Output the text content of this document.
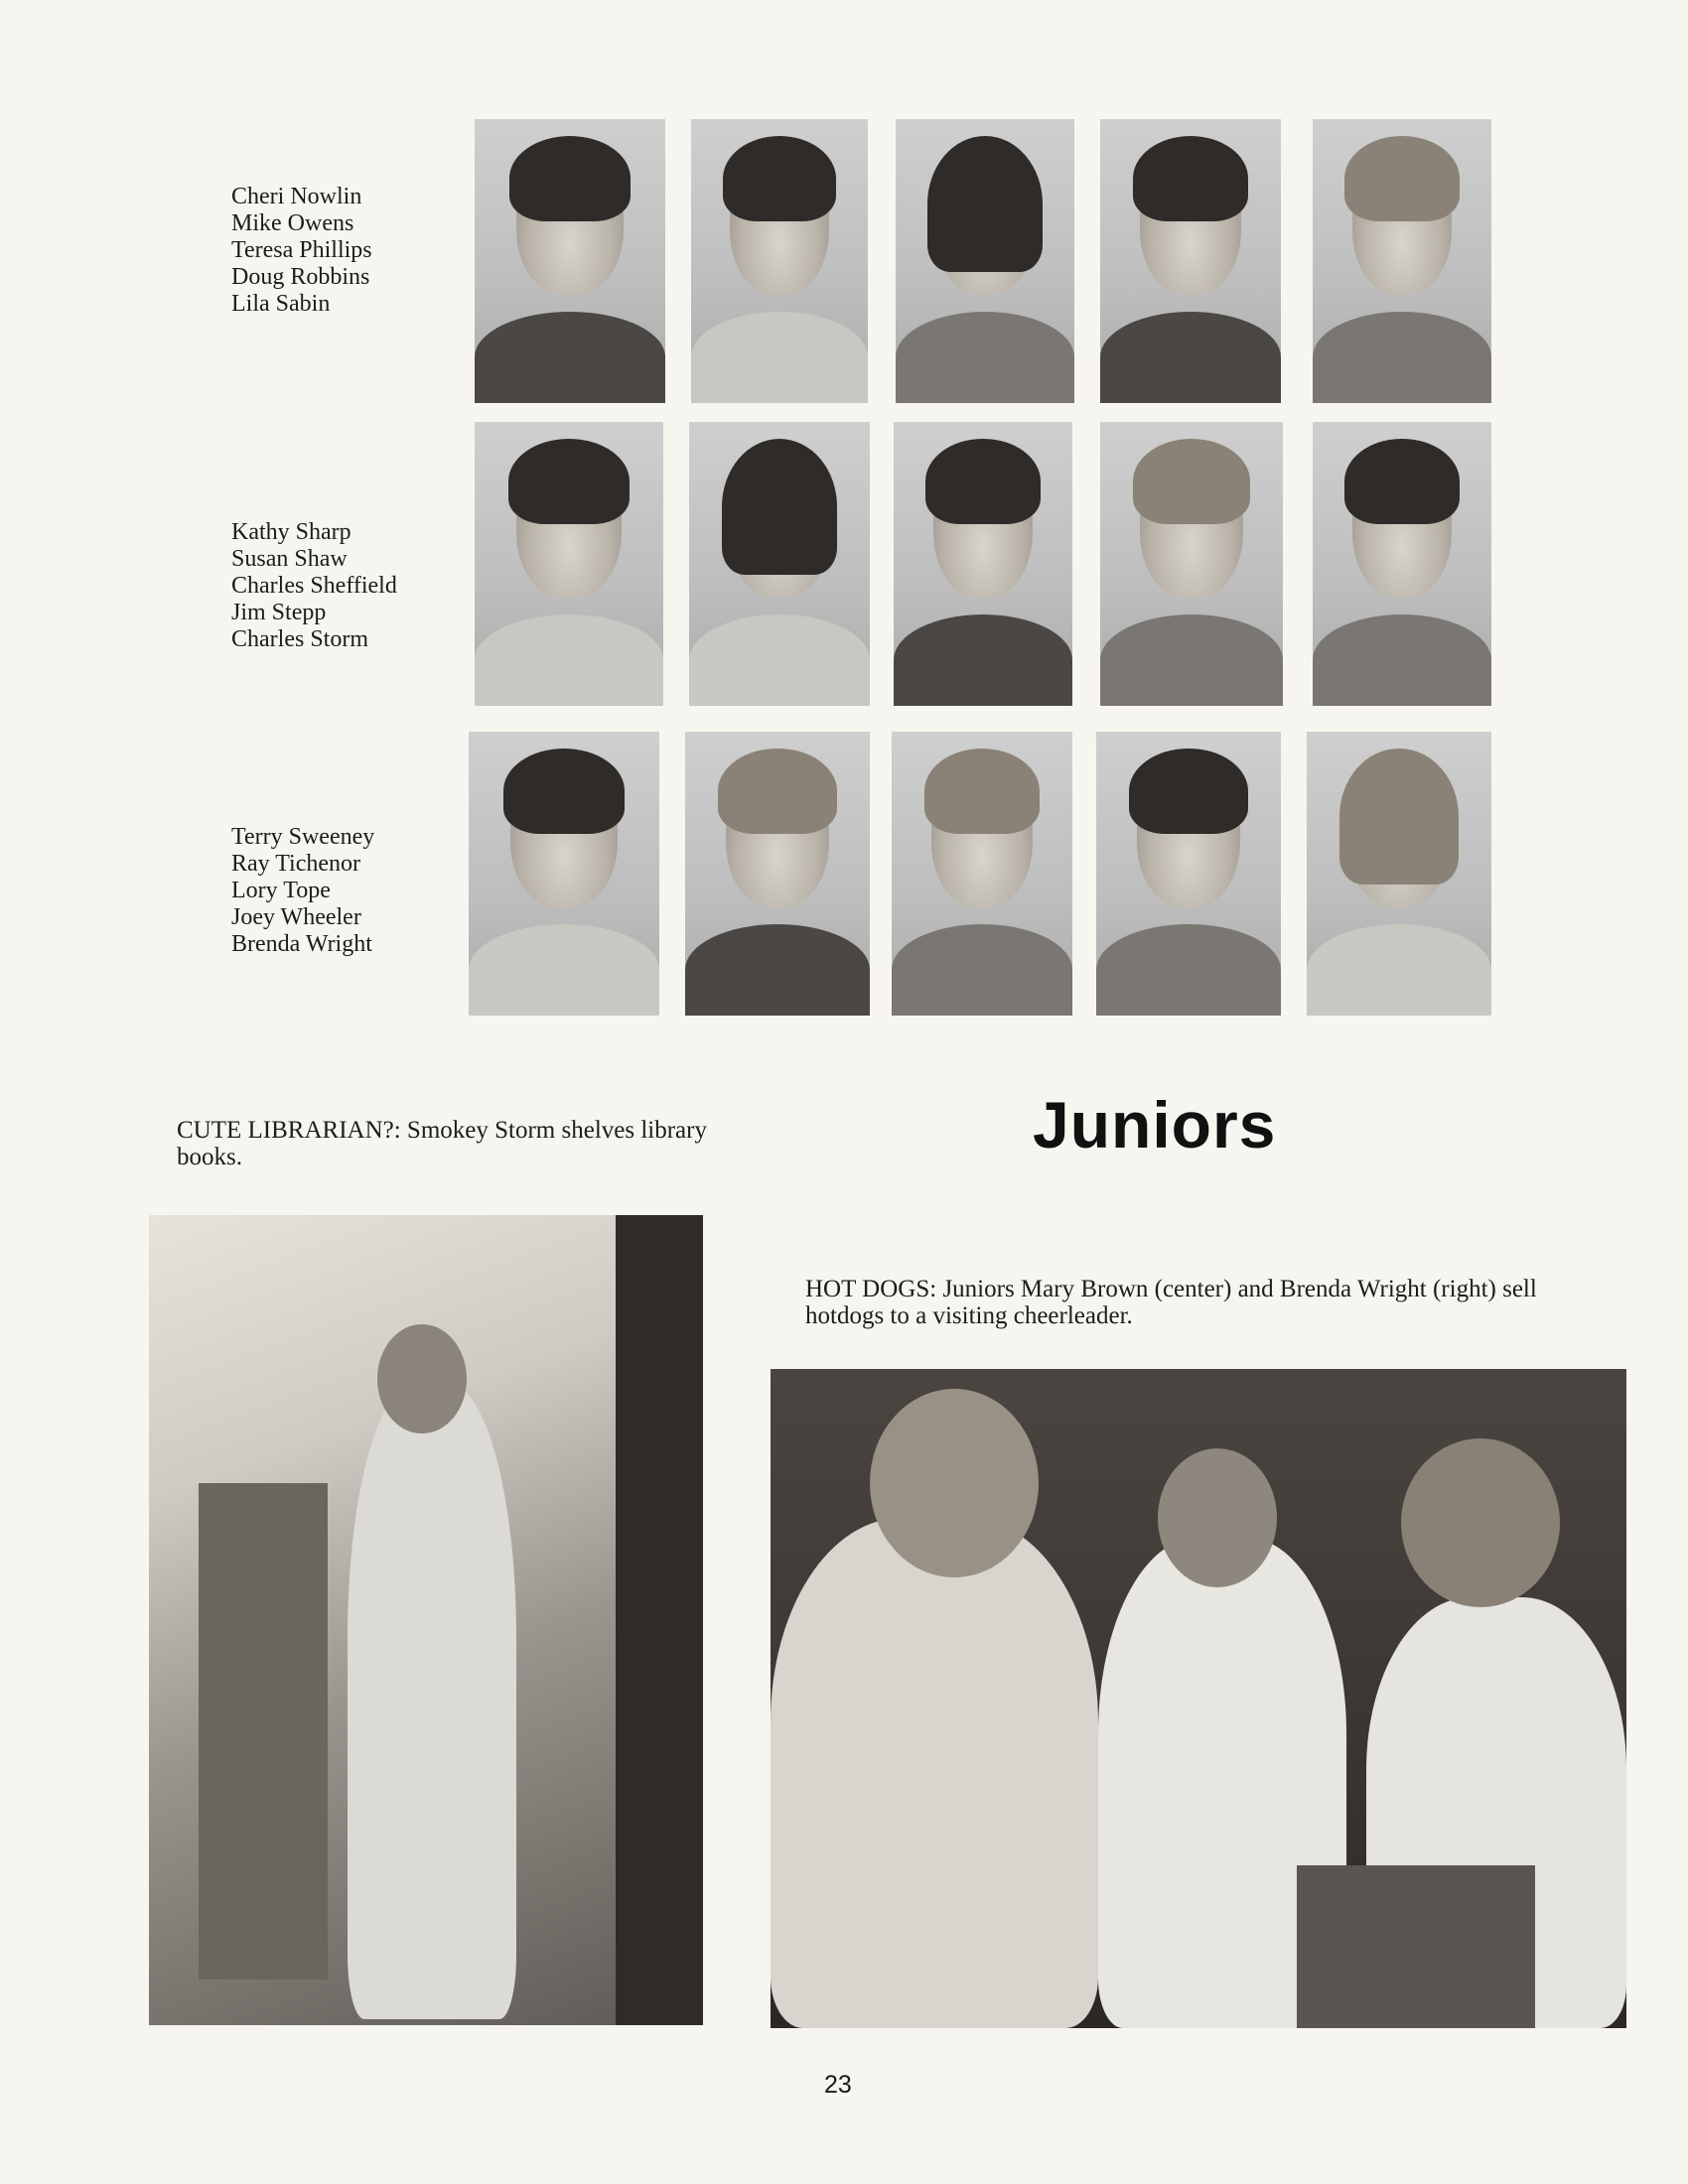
Cheri Nowlin
Mike Owens
Teresa Phillips
Doug Robbins
Lila Sabin
Kathy Sharp
Susan Shaw
Charles Sheffield
Jim Stepp
Charles Storm
Terry Sweeney
Ray Tichenor
Lory Tope
Joey Wheeler
Brenda Wright
CUTE LIBRARIAN?: Smokey Storm shelves library books.	Juniors
HOT DOGS: Juniors Mary Brown (center) and Brenda Wright (right) sell hotdogs to a visiting cheerleader.
23
